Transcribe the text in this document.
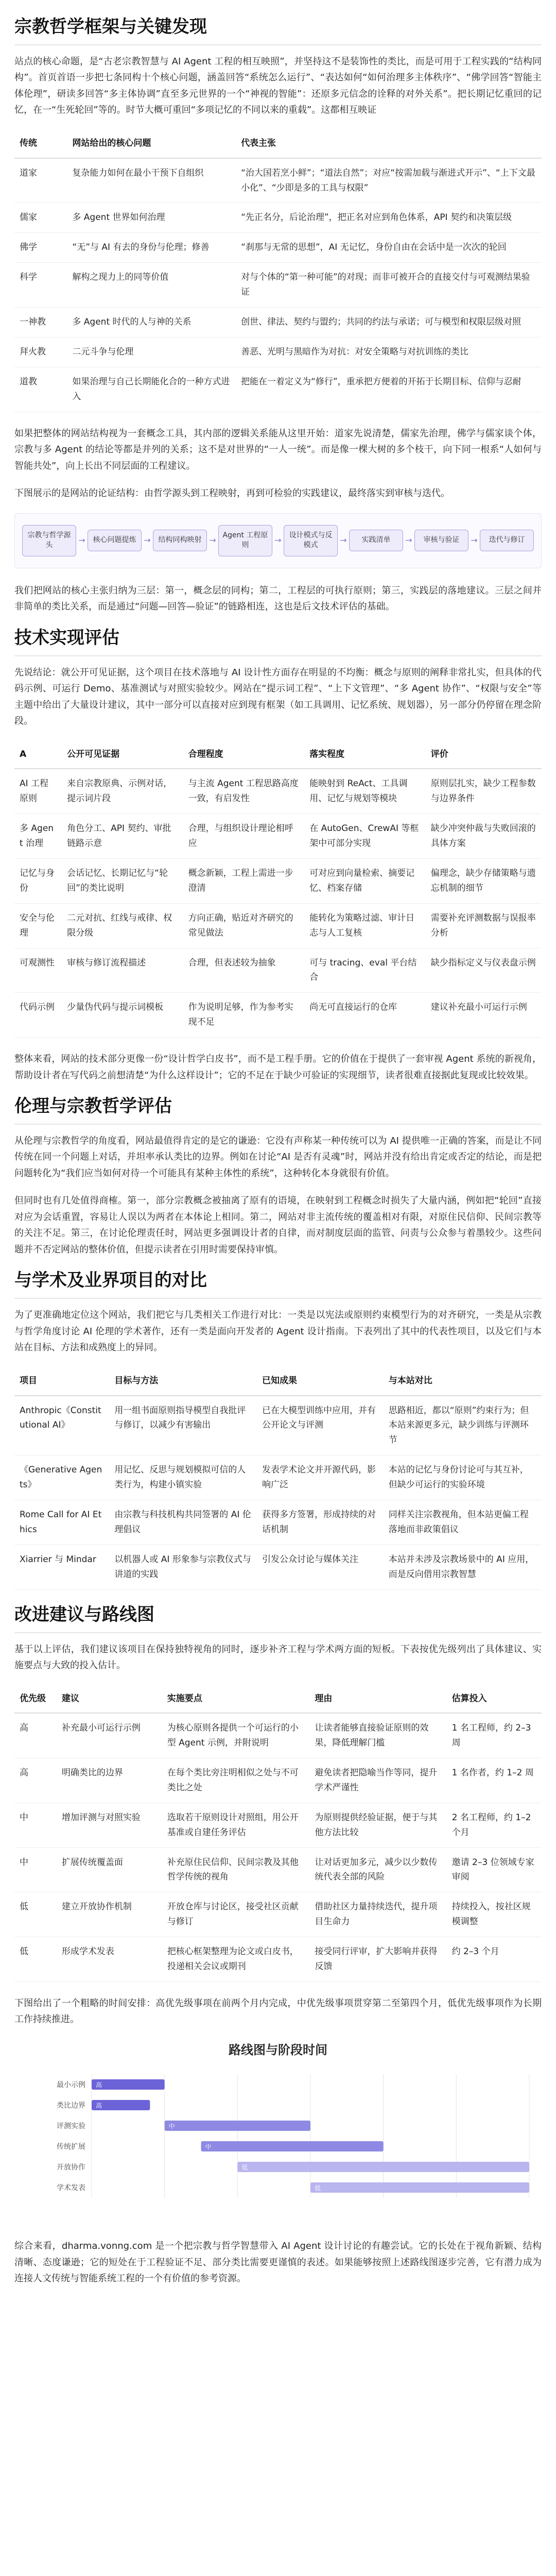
宗教哲学框架与关键发现

站点的核心命题，是“古老宗教智慧与 AI Agent 工程的相互映照”，并坚持这不是装饰性的类比，而是可用于工程实践的“结构同构”。首页首语一步把七条同构十个核心问题，涵盖回答“系统怎么运行”、“表达如何“如何治理多主体秩序”、“佛学回答“智能主体伦理”，研读多回答“多主体协调”直至多元世界的一个“神视的智能”：还原多元信念的诠释的对外关系”。把长期记忆重回的记忆，在一“生死轮回”等的。时节大概可重回“多项记忆的不同以来的重载”。这都相互映证

传统	网站给出的核心问题	代表主张
道家	复杂能力如何在最小干预下自组织	“治大国若烹小鲜”；“道法自然”；对应“按需加载与渐进式开示”、“上下文最小化”、“少即是多的工具与权限”
儒家	多 Agent 世界如何治理	“先正名分，后论治理”，把正名对应到角色体系，API 契约和决策层级
佛学	“无”与 AI 有去的身份与伦理；修善	“刹那与无常的思想”，AI 无记忆，身份自由在会话中是一次次的轮回
科学	解构之现力上的同等价值	对与个体的“第一种可能”的对现；而非可被开合的直接交付与可观测结果验证
一神教	多 Agent 时代的人与神的关系	创世、律法、契约与盟约；共同的约法与承诺；可与模型和权限层级对照
拜火教	二元斗争与伦理	善恶、光明与黑暗作为对抗：对安全策略与对抗训练的类比
道教	如果治理与自己长期能化合的一种方式进入	把能在一着定义为“修行”，重承把方便着的开拓于长期目标、信仰与忍耐

如果把整体的网站结构视为一套概念工具，其内部的逻辑关系能从这里开始：道家先说清楚，儒家先治理，佛学与儒家谈个体，宗教与多 Agent 的结论等都是并列的关系；这不是对世界的“一人一统”。而是像一棵大树的多个枝干，向下同一根系“人如何与智能共处”，向上长出不同层面的工程建议。

下图展示的是网站的论证结构：由哲学源头到工程映射，再到可检验的实践建议，最终落实到审核与迭代。

宗教与哲学源头	→	核心问题提炼 →	结构同构映射 →
Agent 工程原则	→
设计模式与反模式	→	实践清单	→	审核与验证	→	迭代与修订

我们把网站的核心主张归纳为三层：第一，概念层的同构；第二，工程层的可执行原则；第三，实践层的落地建议。三层之间并非简单的类比关系，而是通过“问题—回答—验证”的链路相连，这也是后文技术评估的基础。

技术实现评估

先说结论：就公开可见证据，这个项目在技术落地与 AI 设计性方面存在明显的不均衡：概念与原则的阐释非常扎实，但具体的代码示例、可运行 Demo、基准测试与对照实验较少。网站在“提示词工程”、“上下文管理”、“多 Agent 协作”、“权限与安全”等主题中给出了大量设计建议，其中一部分可以直接对应到现有框架（如工具调用、记忆系统、规划器），另一部分仍停留在理念阶段。

A	公开可见证据	合理程度	落实程度	评价
AI 工程原则	来自宗教原典、示例对话，提示词片段	与主流 Agent 工程思路高度一致，有启发性	能映射到 ReAct、工具调用、记忆与规划等模块	原则层扎实，缺少工程参数与边界条件
多 Agent 治理	角色分工、API 契约、审批链路示意	合理，与组织设计理论相呼应	在 AutoGen、CrewAI 等框架中可部分实现	缺少冲突仲裁与失败回滚的具体方案
记忆与身份	会话记忆、长期记忆与“轮回”的类比说明	概念新颖，工程上需进一步澄清	可对应到向量检索、摘要记忆、档案存储	偏理念，缺少存储策略与遗忘机制的细节
安全与伦理	二元对抗、红线与戒律、权限分级	方向正确，贴近对齐研究的常见做法	能转化为策略过滤、审计日志与人工复核	需要补充评测数据与误报率分析
可观测性	审核与修订流程描述	合理，但表述较为抽象	可与 tracing、eval 平台结合	缺少指标定义与仪表盘示例
代码示例	少量伪代码与提示词模板	作为说明足够，作为参考实现不足	尚无可直接运行的仓库	建议补充最小可运行示例

整体来看，网站的技术部分更像一份“设计哲学白皮书”，而不是工程手册。它的价值在于提供了一套审视 Agent 系统的新视角，帮助设计者在写代码之前想清楚“为什么这样设计”；它的不足在于缺少可验证的实现细节，读者很难直接据此复现或比较效果。

伦理与宗教哲学评估

从伦理与宗教哲学的角度看，网站最值得肯定的是它的谦逊：它没有声称某一种传统可以为 AI 提供唯一正确的答案，而是让不同传统在同一个问题上对话，并坦率承认类比的边界。例如在讨论“AI 是否有灵魂”时，网站并没有给出肯定或否定的结论，而是把问题转化为“我们应当如何对待一个可能具有某种主体性的系统”，这种转化本身就很有价值。

但同时也有几处值得商榷。第一，部分宗教概念被抽离了原有的语境，在映射到工程概念时损失了大量内涵，例如把“轮回”直接对应为会话重置，容易让人误以为两者在本体论上相同。第二，网站对非主流传统的覆盖相对有限，对原住民信仰、民间宗教等的关注不足。第三，在讨论伦理责任时，网站更多强调设计者的自律，而对制度层面的监管、问责与公众参与着墨较少。这些问题并不否定网站的整体价值，但提示读者在引用时需要保持审慎。

与学术及业界项目的对比

为了更准确地定位这个网站，我们把它与几类相关工作进行对比：一类是以宪法或原则约束模型行为的对齐研究，一类是从宗教与哲学角度讨论 AI 伦理的学术著作，还有一类是面向开发者的 Agent 设计指南。下表列出了其中的代表性项目，以及它们与本站在目标、方法和成熟度上的异同。

项目	目标与方法	已知成果	与本站对比
Anthropic《Constitutional AI》	用一组书面原则指导模型自我批评与修订，以减少有害输出	已在大模型训练中应用，并有公开论文与评测	思路相近，都以“原则”约束行为；但本站来源更多元，缺少训练与评测环节
《Generative Agents》	用记忆、反思与规划模拟可信的人类行为，构建小镇实验	发表学术论文并开源代码，影响广泛	本站的记忆与身份讨论可与其互补，但缺少可运行的实验环境
Rome Call for AI Ethics	由宗教与科技机构共同签署的 AI 伦理倡议	获得多方签署，形成持续的对话机制	同样关注宗教视角，但本站更偏工程落地而非政策倡议
Xiarrier 与 Mindar	以机器人或 AI 形象参与宗教仪式与讲道的实践	引发公众讨论与媒体关注	本站并未涉及宗教场景中的 AI 应用，而是反向借用宗教智慧
改进建议与路线图

基于以上评估，我们建议该项目在保持独特视角的同时，逐步补齐工程与学术两方面的短板。下表按优先级列出了具体建议、实施要点与大致的投入估计。

优先级	建议	实施要点	理由	估算投入
高	补充最小可运行示例	为核心原则各提供一个可运行的小型 Agent 示例，并附说明	让读者能够直接验证原则的效果，降低理解门槛	1 名工程师，约 2–3 周
高	明确类比的边界	在每个类比旁注明相似之处与不可类比之处	避免读者把隐喻当作等同，提升学术严谨性	1 名作者，约 1–2 周
中	增加评测与对照实验	选取若干原则设计对照组，用公开基准或自建任务评估	为原则提供经验证据，便于与其他方法比较	2 名工程师，约 1–2 个月
中	扩展传统覆盖面	补充原住民信仰、民间宗教及其他哲学传统的视角	让对话更加多元，减少以少数传统代表全部的风险	邀请 2–3 位领域专家审阅
低	建立开放协作机制	开放仓库与讨论区，接受社区贡献与修订	借助社区力量持续迭代，提升项目生命力	持续投入，按社区规模调整
低	形成学术发表	把核心框架整理为论文或白皮书，投递相关会议或期刊	接受同行评审，扩大影响并获得反馈	约 2–3 个月

下图给出了一个粗略的时间安排：高优先级事项在前两个月内完成，中优先级事项贯穿第二至第四个月，低优先级事项作为长期工作持续推进。

路线图与阶段时间
最小示例 高
类比边界 高
评测实验	中
传统扩展	中
开放协作	低
学术发表	低

综合来看，dharma.vonng.com 是一个把宗教与哲学智慧带入 AI Agent 设计讨论的有趣尝试。它的长处在于视角新颖、结构清晰、态度谦逊；它的短处在于工程验证不足、部分类比需要更谨慎的表述。如果能够按照上述路线图逐步完善，它有潜力成为连接人文传统与智能系统工程的一个有价值的参考资源。
